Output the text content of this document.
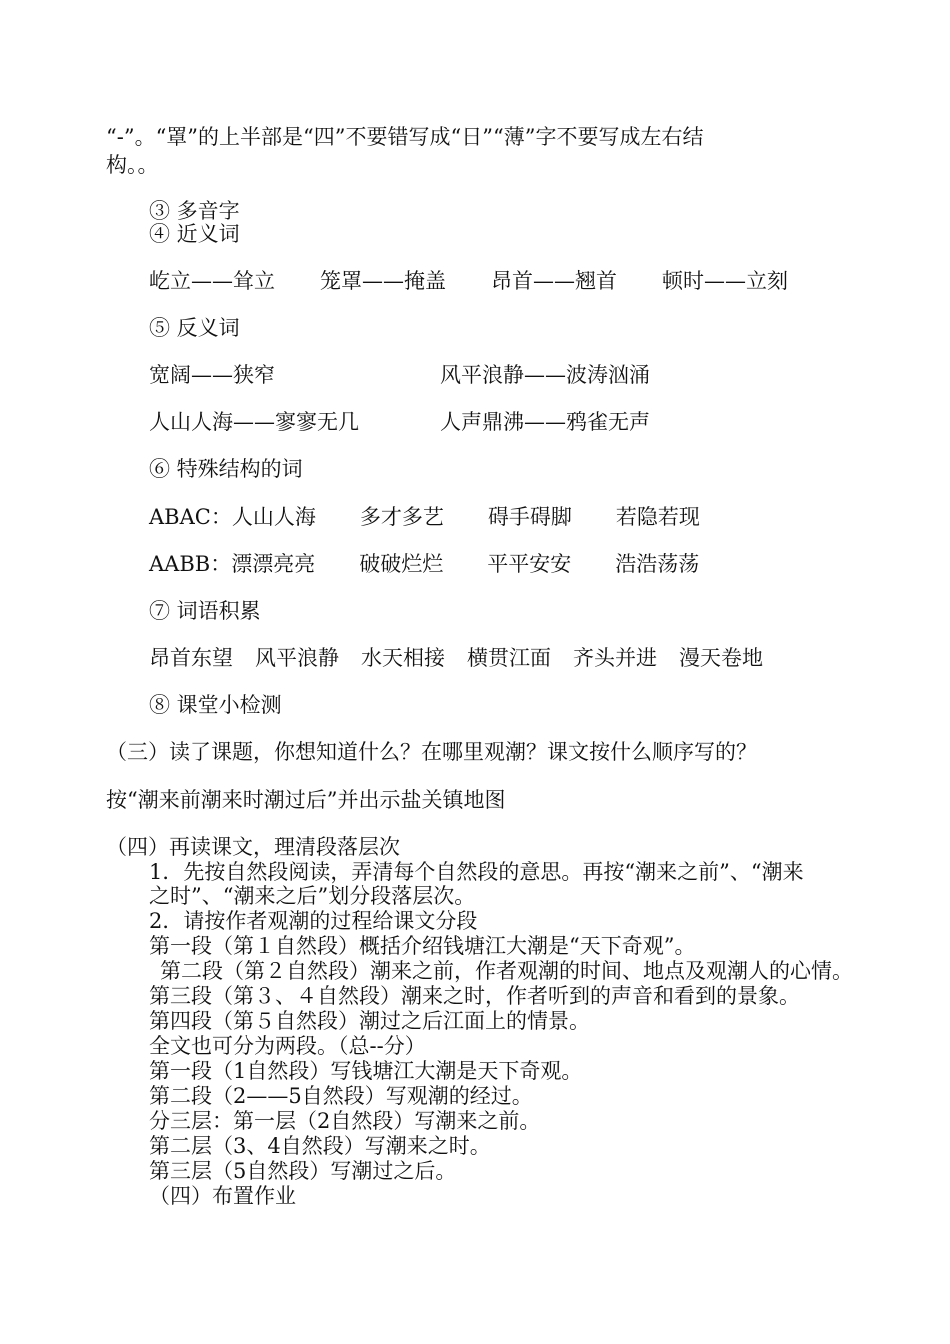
“-”。“罩”的上半部是“四”不要错写成“日”“薄”字不要写成左右结
构。。
③ 多音字
④ 近义词
屹立——耸立 笼罩——掩盖 昂首——翘首 顿时——立刻
⑤ 反义词
宽阔——狭窄	风平浪静——波涛汹涌
人山人海——寥寥无几	人声鼎沸——鸦雀无声
⑥ 特殊结构的词
ABAC：人山人海 多才多艺 碍手碍脚 若隐若现
AABB：漂漂亮亮 破破烂烂 平平安安 浩浩荡荡
⑦ 词语积累
昂首东望 风平浪静 水天相接 横贯江面 齐头并进 漫天卷地
⑧ 课堂小检测
（三）读了课题，你想知道什么？在哪里观潮？课文按什么顺序写的？
按“潮来前潮来时潮过后”并出示盐关镇地图
（四）再读课文，理清段落层次
1．先按自然段阅读，弄清每个自然段的意思。再按“潮来之前”、“潮来
之时”、“潮来之后”划分段落层次。
2．请按作者观潮的过程给课文分段
第一段（第１自然段）概括介绍钱塘江大潮是“天下奇观”。
第二段（第２自然段）潮来之前，作者观潮的时间、地点及观潮人的心情。
第三段（第３、４自然段）潮来之时，作者听到的声音和看到的景象。
第四段（第５自然段）潮过之后江面上的情景。
全文也可分为两段。（总--分）
第一段（1自然段）写钱塘江大潮是天下奇观。
第二段（2——5自然段）写观潮的经过。
分三层：第一层（2自然段）写潮来之前。
第二层（3、4自然段）写潮来之时。
第三层（5自然段）写潮过之后。
（四）布置作业
